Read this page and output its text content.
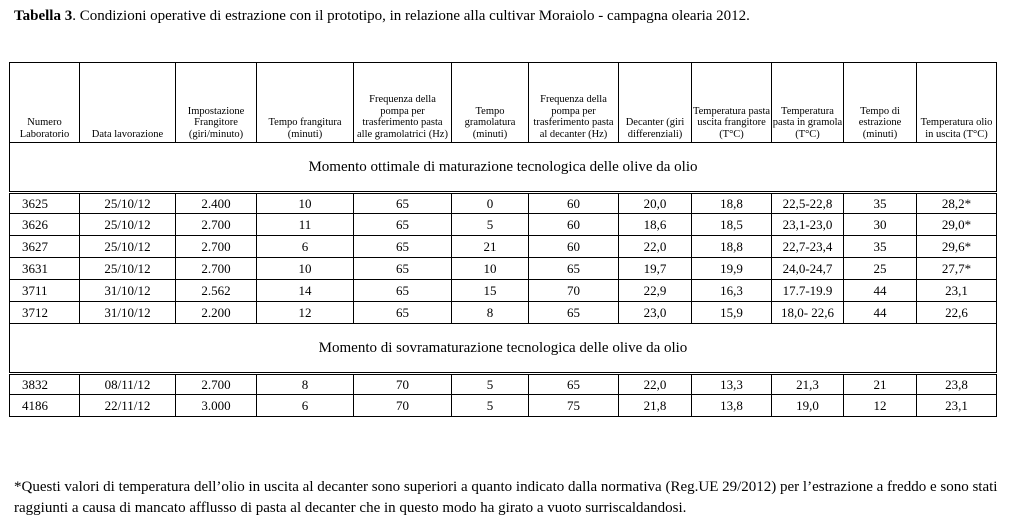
Tabella 3. Condizioni operative di estrazione con il prototipo, in relazione alla cultivar Moraiolo - campagna olearia 2012.
Numero Laboratorio	Data lavorazione	Impostazione Frangitore (giri/minuto)	Tempo frangitura (minuti)	Frequenza della pompa per trasferimento pasta alle gramolatrici (Hz)	Tempo gramolatura (minuti)	Frequenza della pompa per trasferimento pasta al decanter (Hz)	Decanter (giri differenziali)	Temperatura pasta uscita frangitore (T°C)	Temperatura pasta in gramola (T°C)	Tempo di estrazione (minuti)	Temperatura olio in uscita (T°C)
Momento ottimale di maturazione tecnologica delle olive da olio											
3625	25/10/12	2.400	10	65	0	60	20,0	18,8	22,5-22,8	35	28,2*
3626	25/10/12	2.700	11	65	5	60	18,6	18,5	23,1-23,0	30	29,0*
3627	25/10/12	2.700	6	65	21	60	22,0	18,8	22,7-23,4	35	29,6*
3631	25/10/12	2.700	10	65	10	65	19,7	19,9	24,0-24,7	25	27,7*
3711	31/10/12	2.562	14	65	15	70	22,9	16,3	17.7-19.9	44	23,1
3712	31/10/12	2.200	12	65	8	65	23,0	15,9	18,0- 22,6	44	22,6
Momento di sovramaturazione tecnologica delle olive da olio											
3832	08/11/12	2.700	8	70	5	65	22,0	13,3	21,3	21	23,8
4186	22/11/12	3.000	6	70	5	75	21,8	13,8	19,0	12	23,1
*Questi valori di temperatura dell’olio in uscita al decanter sono superiori a quanto indicato dalla normativa (Reg.UE 29/2012) per l’estrazione a freddo e sono stati raggiunti a causa di mancato afflusso di pasta al decanter che in questo modo ha girato a vuoto surriscaldandosi.
